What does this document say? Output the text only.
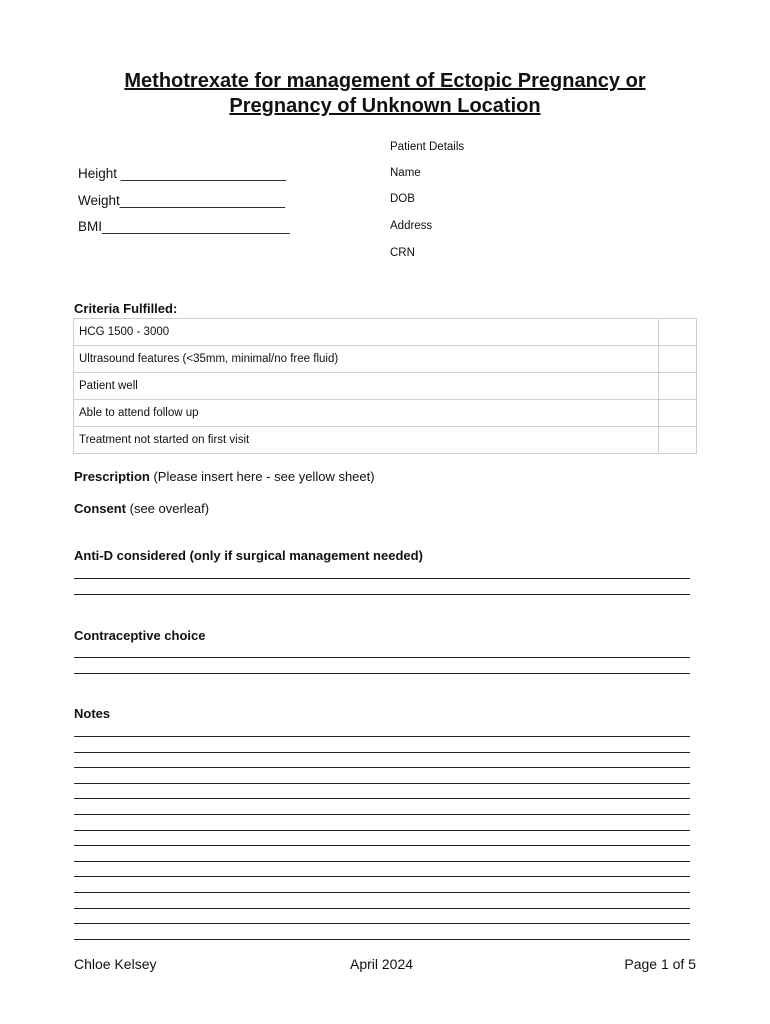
Methotrexate for management of Ectopic Pregnancy or
Pregnancy of Unknown Location
Height ______________________
Weight______________________
BMI_________________________
Patient Details
Name
DOB
Address
CRN
Criteria Fulfilled:
HCG 1500 - 3000	
Ultrasound features (<35mm, minimal/no free fluid)	
Patient well	
Able to attend follow up	
Treatment not started on first visit	
Prescription (Please insert here - see yellow sheet)
Consent (see overleaf)
Anti-D considered (only if surgical management needed)
Contraceptive choice
Notes
Chloe Kelsey	April 2024	Page 1 of 5
